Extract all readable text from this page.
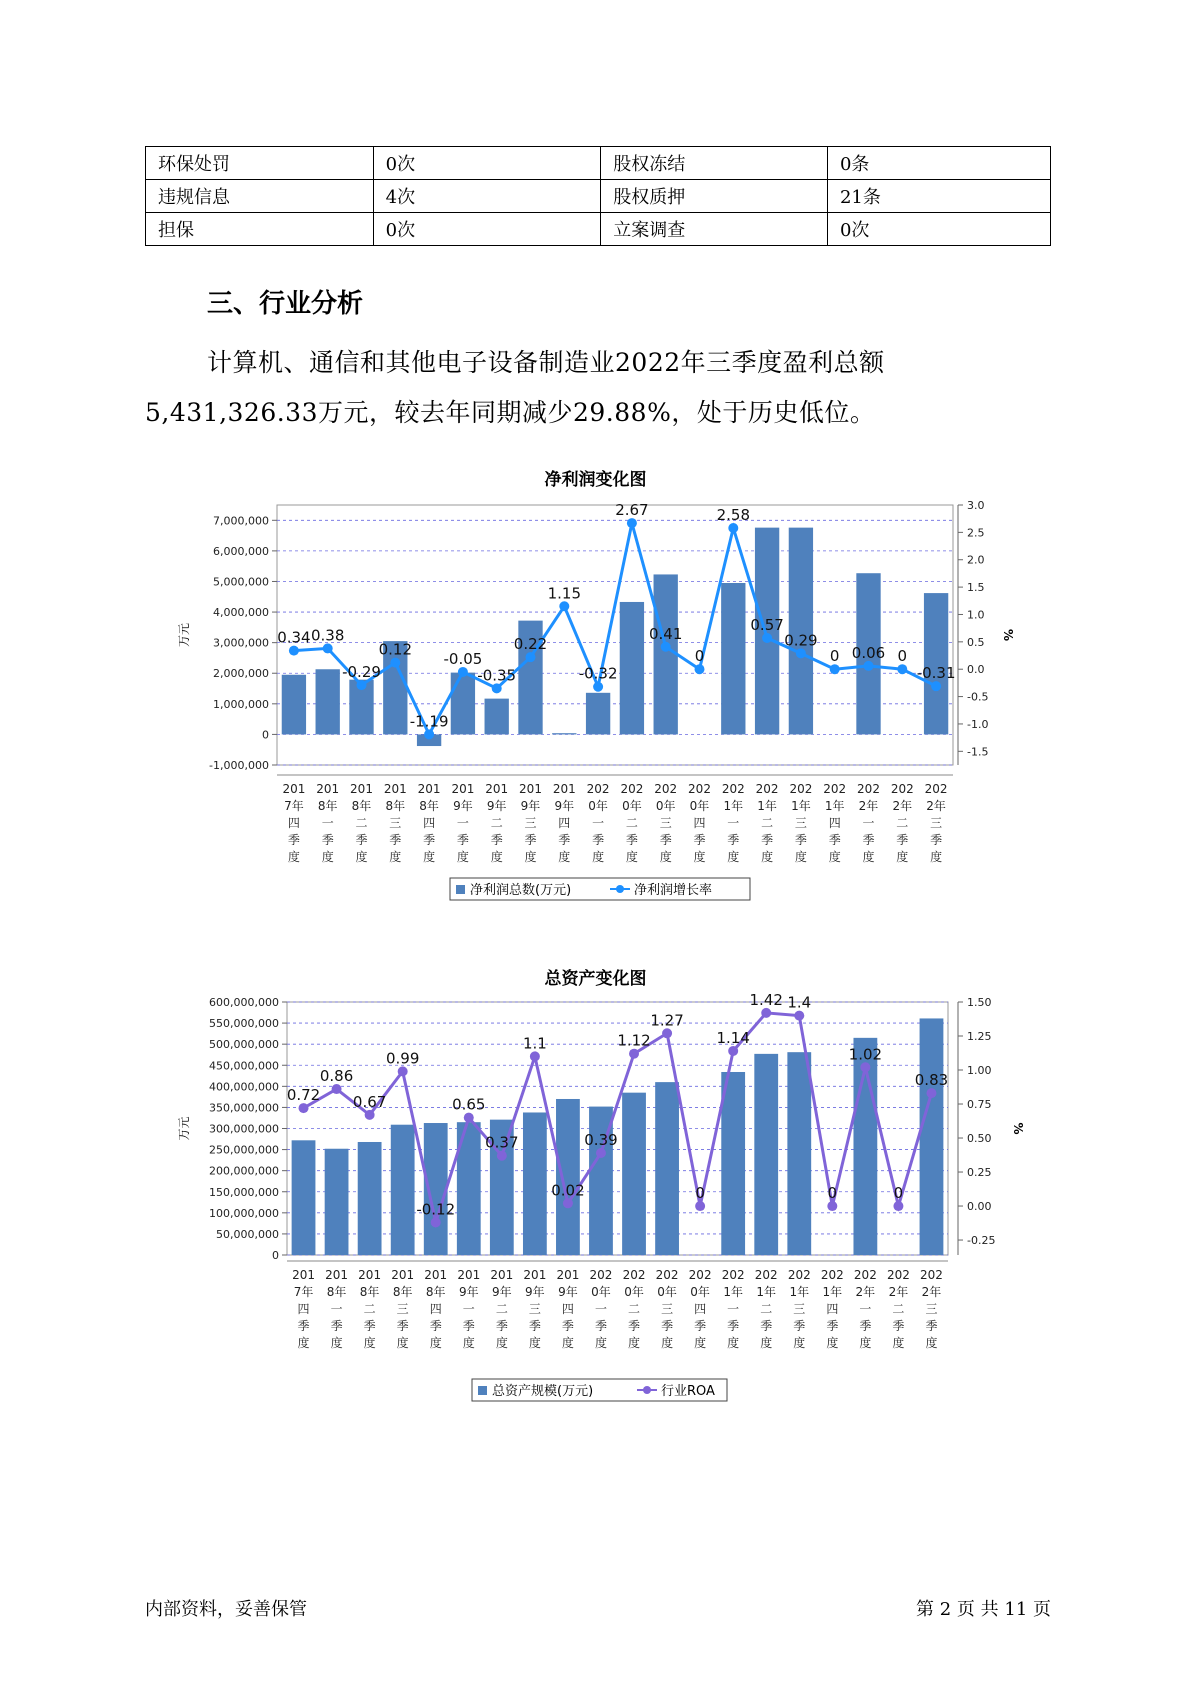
环保处罚	0次	股权冻结	0条
违规信息	4次	股权质押	21条
担保	0次	立案调查	0次
三、行业分析
计算机、通信和其他电子设备制造业2022年三季度盈利总额
5,431,326.33万元，较去年同期减少29.88%，处于历史低位。
净利润变化图
7,000,000
6,000,000
5,000,000
4,000,000
3,000,000
2,000,000
1,000,000
0
-1,000,000
3.0
2.5
2.0
1.5
1.0
0.5
0.0
-0.5
-1.0
-1.5
万元	%
0.34 0.38
-0.29
0.12
-1.19
-0.05
-0.35
0.22
1.15
-0.32
2.67
0.41
0
2.58
0.57
0.29
0 0.06 0
-0.31
201
7年
四
季
度
201
8年
一
季
度
201
8年
二
季
度
201
8年
三
季
度
201
8年
四
季
度
201
9年
一
季
度
201
9年
二
季
度
201
9年
三
季
度
201
9年
四
季
度
202
0年
一
季
度
202
0年
二
季
度
202
0年
三
季
度
202
0年
四
季
度
202
1年
一
季
度
202
1年
二
季
度
202
1年
三
季
度
202
1年
四
季
度
202
2年
一
季
度
202
2年
二
季
度
202
2年
三
季
度
净利润总数(万元)	净利润增长率
总资产变化图
600,000,000
550,000,000
500,000,000
450,000,000
400,000,000
350,000,000
300,000,000
250,000,000
200,000,000
150,000,000
100,000,000
50,000,000
0
1.50
1.25
1.00
0.75
0.50
0.25
0.00
-0.25
万元	%
0.72
0.86
0.67
0.99
-0.12
0.65
0.37
1.1
0.02
0.39
1.12
1.27
0
1.14
1.42 1.4
0
1.02
0
0.83
201
7年
四
季
度
201
8年
一
季
度
201
8年
二
季
度
201
8年
三
季
度
201
8年
四
季
度
201
9年
一
季
度
201
9年
二
季
度
201
9年
三
季
度
201
9年
四
季
度
202
0年
一
季
度
202
0年
二
季
度
202
0年
三
季
度
202
0年
四
季
度
202
1年
一
季
度
202
1年
二
季
度
202
1年
三
季
度
202
1年
四
季
度
202
2年
一
季
度
202
2年
二
季
度
202
2年
三
季
度
总资产规模(万元)	行业ROA
内部资料，妥善保管	第 2 页 共 11 页
